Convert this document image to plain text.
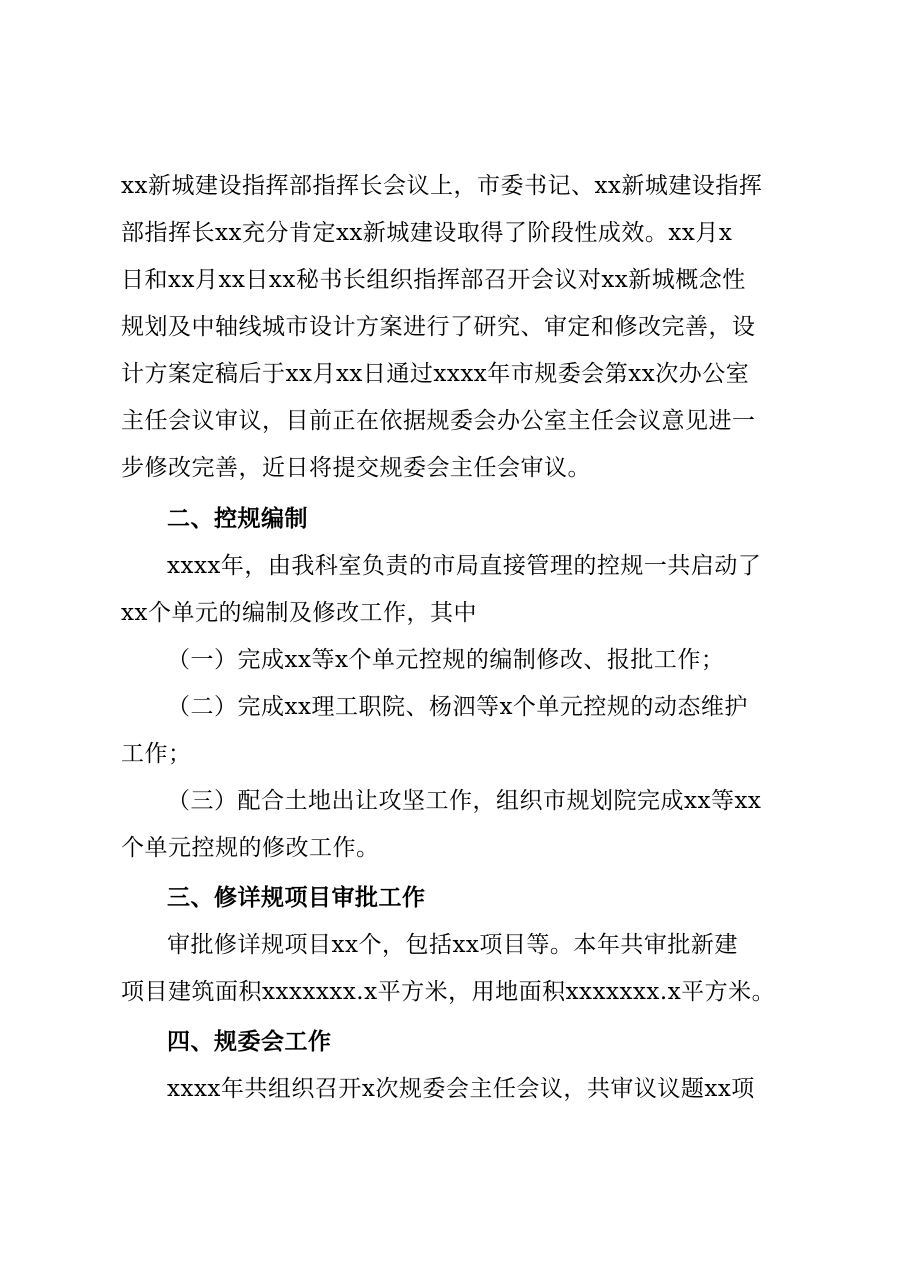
xx新城建设指挥部指挥长会议上，市委书记、xx新城建设指挥
部指挥长xx充分肯定xx新城建设取得了阶段性成效。xx月x
日和xx月xx日xx秘书长组织指挥部召开会议对xx新城概念性
规划及中轴线城市设计方案进行了研究、审定和修改完善，设
计方案定稿后于xx月xx日通过xxxx年市规委会第xx次办公室
主任会议审议，目前正在依据规委会办公室主任会议意见进一
步修改完善，近日将提交规委会主任会审议。
二、控规编制
xxxx年，由我科室负责的市局直接管理的控规一共启动了
xx个单元的编制及修改工作，其中
（一）完成xx等x个单元控规的编制修改、报批工作；
（二）完成xx理工职院、杨泗等x个单元控规的动态维护
工作；
（三）配合土地出让攻坚工作，组织市规划院完成xx等xx
个单元控规的修改工作。
三、修详规项目审批工作
审批修详规项目xx个，包括xx项目等。本年共审批新建
项目建筑面积xxxxxxx.x平方米，用地面积xxxxxxx.x平方米。
四、规委会工作
xxxx年共组织召开x次规委会主任会议，共审议议题xx项
